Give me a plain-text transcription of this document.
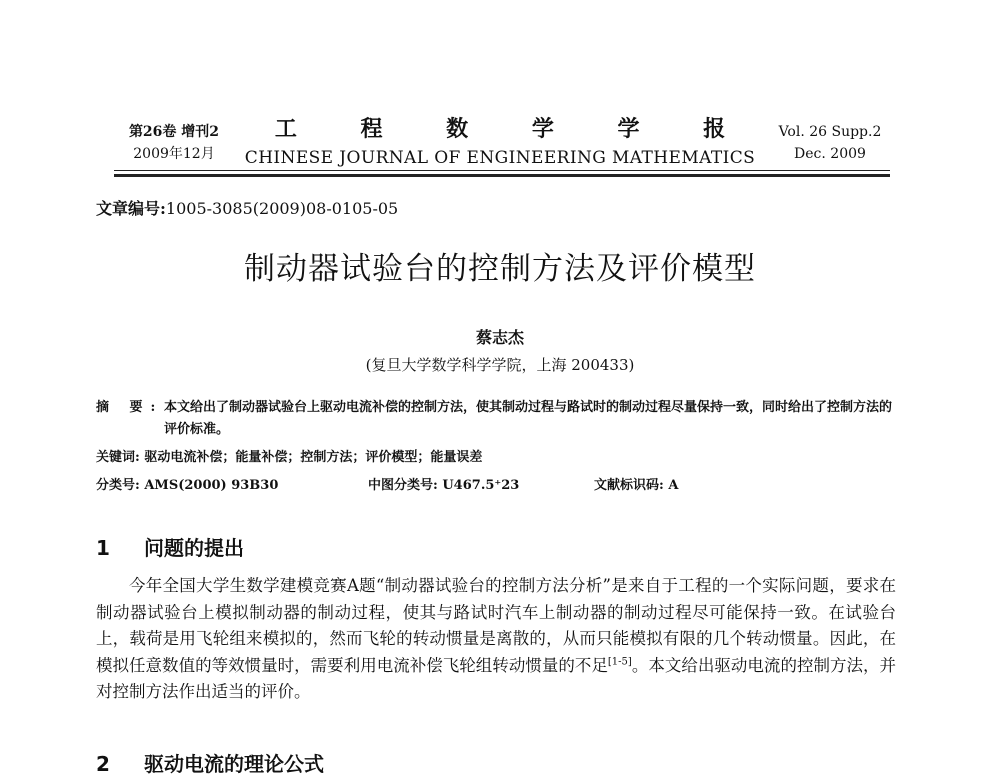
第26卷 增刊2
2009年12月
工 程 数 学 学 报
CHINESE JOURNAL OF ENGINEERING MATHEMATICS
Vol. 26 Supp.2
Dec. 2009
文章编号:1005-3085(2009)08-0105-05
制动器试验台的控制方法及评价模型
蔡志杰
(复旦大学数学科学学院，上海 200433)
摘 要: 本文给出了制动器试验台上驱动电流补偿的控制方法，使其制动过程与路试时的制动过程尽量保持一致，同时给出了控制方法的评价标准。
关键词: 驱动电流补偿；能量补偿；控制方法；评价模型；能量误差
分类号: AMS(2000) 93B30	中图分类号: U467.5⁺23	文献标识码: A
1 问题的提出

今年全国大学生数学建模竞赛A题“制动器试验台的控制方法分析”是来自于工程的一个实际问题，要求在制动器试验台上模拟制动器的制动过程，使其与路试时汽车上制动器的制动过程尽可能保持一致。在试验台上，载荷是用飞轮组来模拟的，然而飞轮的转动惯量是离散的，从而只能模拟有限的几个转动惯量。因此，在模拟任意数值的等效惯量时，需要利用电流补偿飞轮组转动惯量的不足[1-5]。本文给出驱动电流的控制方法，并对控制方法作出适当的评价。

2 驱动电流的理论公式
